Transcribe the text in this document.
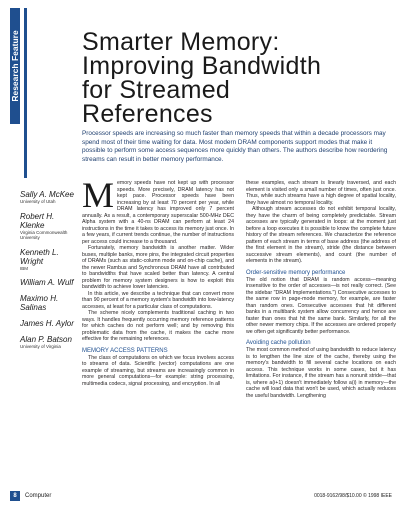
Research Feature Smarter Memory:
Improving Bandwidth
for Streamed
References
Processor speeds are increasing so much faster than memory speeds that within a decade processors may spend most of their time waiting for data. Most modern DRAM components support modes that make it possible to perform some access sequences more quickly than others. The authors describe how reordering streams can result in better memory performance.
Sally A. McKee
University of Utah
Robert H. Klenke
Virginia Commonwealth University
Kenneth L. Wright
IBM
William A. Wulf
Maximo H. Salinas
James H. Aylor
Alan P. Batson
University of Virginia

Memory speeds have not kept up with processor speeds. More precisely, DRAM latency has not kept pace. Processor speeds have been increasing by at least 70 percent per year, while DRAM latency has improved only 7 percent annually. As a result, a contemporary superscalar 500-MHz DEC Alpha system with a 40-ns DRAM can perform at least 24 instructions in the time it takes to access its memory just once. In a few years, if current trends continue, the number of instructions per access could increase to a thousand.

Fortunately, memory bandwidth is another matter. Wider buses, multiple banks, more pins, the integrated circuit properties of DRAMs (such as static-column mode and on-chip cache), and the newer Rambus and Synchronous DRAM have all contributed to bandwidths that have scaled better than latency. A central problem for memory system designers is how to exploit this bandwidth to achieve lower latencies.

In this article, we describe a technique that can convert more than 90 percent of a memory system's bandwidth into low-latency accesses, at least for a particular class of computations.

The scheme nicely complements traditional caching in two ways. It handles frequently occurring memory reference patterns for which caches do not perform well; and by removing this problematic data from the cache, it makes the cache more effective for the remaining references.

MEMORY ACCESS PATTERNS

The class of computations on which we focus involves access to streams of data. Scientific (vector) computations are one example of streaming, but streams are increasingly common in more general computations—for example: string processing, multimedia codecs, signal processing, and encryption. In all

these examples, each stream is linearly traversed, and each element is visited only a small number of times, often just once. Thus, while such streams have a high degree of spatial locality, they have almost no temporal locality.

Although stream accesses do not exhibit temporal locality, they have the charm of being completely predictable. Stream accesses are typically generated in loops: at the moment just before a loop executes it is possible to know the complete future history of the stream references. We characterize the reference pattern of each stream in terms of base address (the address of the first element in the stream), stride (the distance between successive stream elements), and count (the number of elements in the stream).

Order-sensitive memory performance

The old notion that DRAM is random access—meaning insensitive to the order of accesses—is not really correct. (See the sidebar "DRAM Implementations.") Consecutive accesses to the same row in page-mode memory, for example, are faster than random ones. Consecutive accesses that hit different banks in a multibank system allow concurrency and hence are faster than ones that hit the same bank. Similarly, for all the other newer memory chips. If the accesses are ordered properly we often get significantly better performance.

Avoiding cache pollution

The most common method of using bandwidth to reduce latency is to lengthen the line size of the cache, thereby using the memory's bandwidth to fill several cache locations on each access. This technique works in some cases, but it has limitations. For instance, if the stream has a nonunit stride—that is, where a(i+1) doesn't immediately follow a(i) in memory—the cache will load data that won't be used, which actually reduces the useful bandwidth. Lengthening

8	Computer	0018-9162/98/$10.00 © 1998 IEEE
